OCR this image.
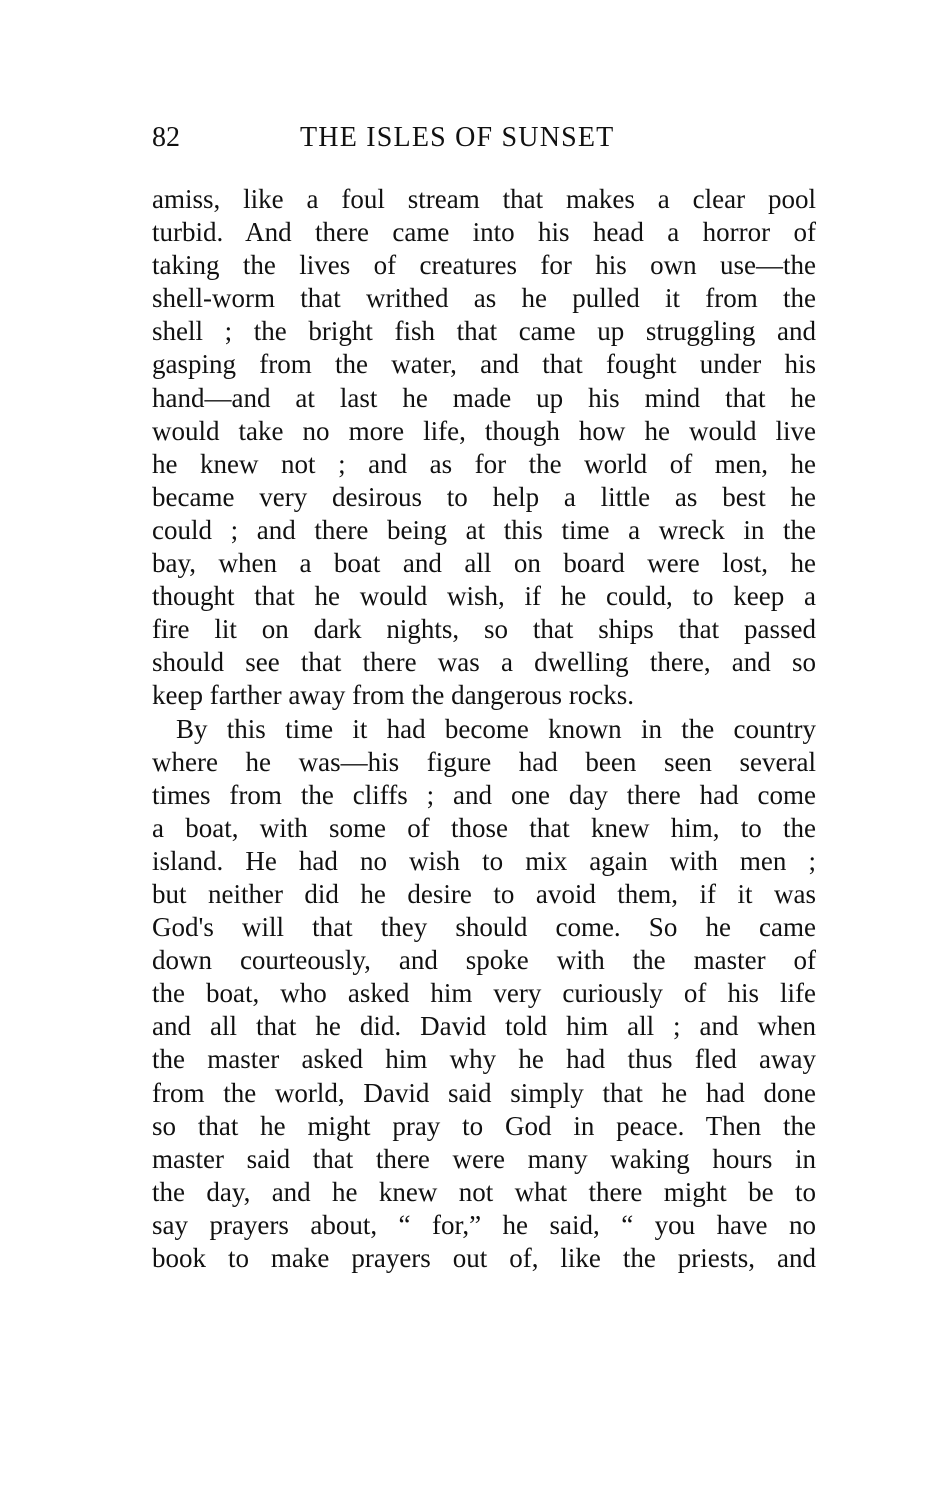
82	THE ISLES OF SUNSET
amiss, like a foul stream that makes a clear pool
turbid. And there came into his head a horror of
taking the lives of creatures for his own use—the
shell-worm that writhed as he pulled it from the
shell ; the bright fish that came up struggling and
gasping from the water, and that fought under his
hand—and at last he made up his mind that he
would take no more life, though how he would live
he knew not ; and as for the world of men, he
became very desirous to help a little as best he
could ; and there being at this time a wreck in the
bay, when a boat and all on board were lost, he
thought that he would wish, if he could, to keep a
fire lit on dark nights, so that ships that passed
should see that there was a dwelling there, and so
keep farther away from the dangerous rocks.
By this time it had become known in the country
where he was—his figure had been seen several
times from the cliffs ; and one day there had come
a boat, with some of those that knew him, to the
island. He had no wish to mix again with men ;
but neither did he desire to avoid them, if it was
God's will that they should come. So he came
down courteously, and spoke with the master of
the boat, who asked him very curiously of his life
and all that he did. David told him all ; and when
the master asked him why he had thus fled away
from the world, David said simply that he had done
so that he might pray to God in peace. Then the
master said that there were many waking hours in
the day, and he knew not what there might be to
say prayers about, “ for,” he said, “ you have no
book to make prayers out of, like the priests, and
